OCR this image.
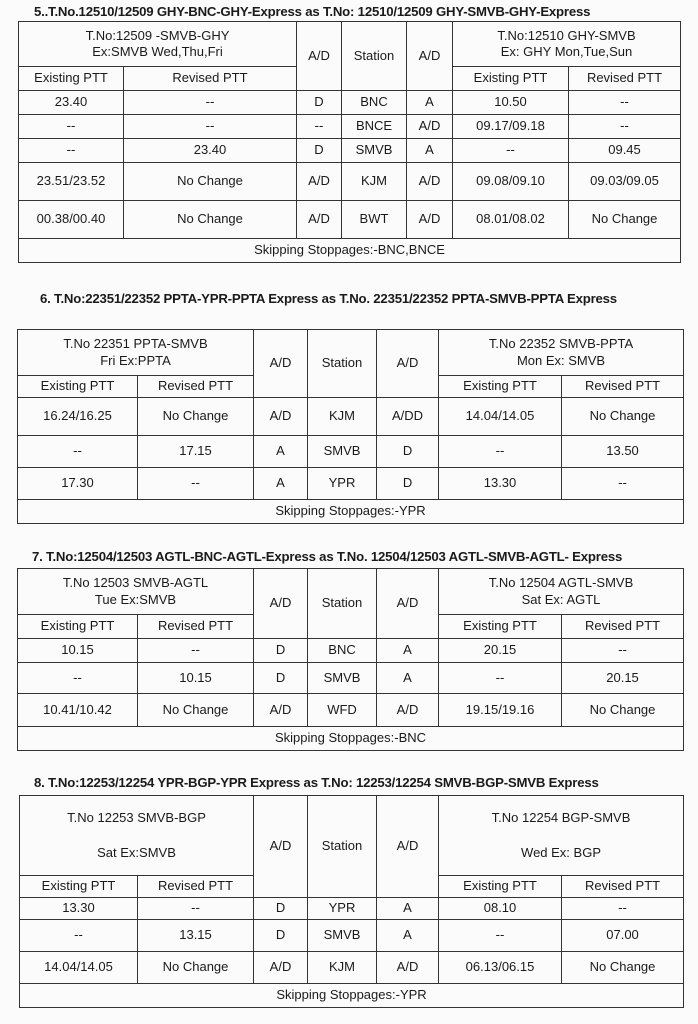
5..T.No.12510/12509 GHY-BNC-GHY-Express as T.No: 12510/12509 GHY-SMVB-GHY-Express
T.No:12509 -SMVB-GHY
Ex:SMVB Wed,Thu,Fri		A/D	Station	A/D	T.No:12510 GHY-SMVB
Ex: GHY Mon,Tue,Sun	

Existing PTT	Revised PTT				Existing PTT	Revised PTT
23.40	--	D	BNC	A	10.50	--
--	--	--	BNCE	A/D	09.17/09.18	--
--	23.40	D	SMVB	A	--	09.45
23.51/23.52	No Change	A/D	KJM	A/D	09.08/09.10	09.03/09.05
00.38/00.40	No Change	A/D	BWT	A/D	08.01/08.02	No Change
Skipping Stoppages:-BNC,BNCE						
6. T.No:22351/22352 PPTA-YPR-PPTA Express as T.No. 22351/22352 PPTA-SMVB-PPTA Express
T.No 22351 PPTA-SMVB
Fri Ex:PPTA		A/D	Station	A/D	T.No 22352 SMVB-PPTA
Mon Ex: SMVB	

Existing PTT	Revised PTT				Existing PTT	Revised PTT
16.24/16.25	No Change	A/D	KJM	A/DD	14.04/14.05	No Change
--	17.15	A	SMVB	D	--	13.50
17.30	--	A	YPR	D	13.30	--
Skipping Stoppages:-YPR						
7. T.No:12504/12503 AGTL-BNC-AGTL-Express as T.No. 12504/12503 AGTL-SMVB-AGTL- Express
T.No 12503 SMVB-AGTL
Tue Ex:SMVB		A/D	Station	A/D	T.No 12504 AGTL-SMVB
Sat Ex: AGTL	

Existing PTT	Revised PTT				Existing PTT	Revised PTT
10.15	--	D	BNC	A	20.15	--
--	10.15	D	SMVB	A	--	20.15
10.41/10.42	No Change	A/D	WFD	A/D	19.15/19.16	No Change
Skipping Stoppages:-BNC						
8. T.No:12253/12254 YPR-BGP-YPR Express as T.No: 12253/12254 SMVB-BGP-SMVB Express
T.No 12253 SMVB-BGP
Sat Ex:SMVB		A/D	Station	A/D	T.No 12254 BGP-SMVB
Wed Ex: BGP	

Existing PTT	Revised PTT				Existing PTT	Revised PTT
13.30	--	D	YPR	A	08.10	--
--	13.15	D	SMVB	A	--	07.00
14.04/14.05	No Change	A/D	KJM	A/D	06.13/06.15	No Change
Skipping Stoppages:-YPR						
